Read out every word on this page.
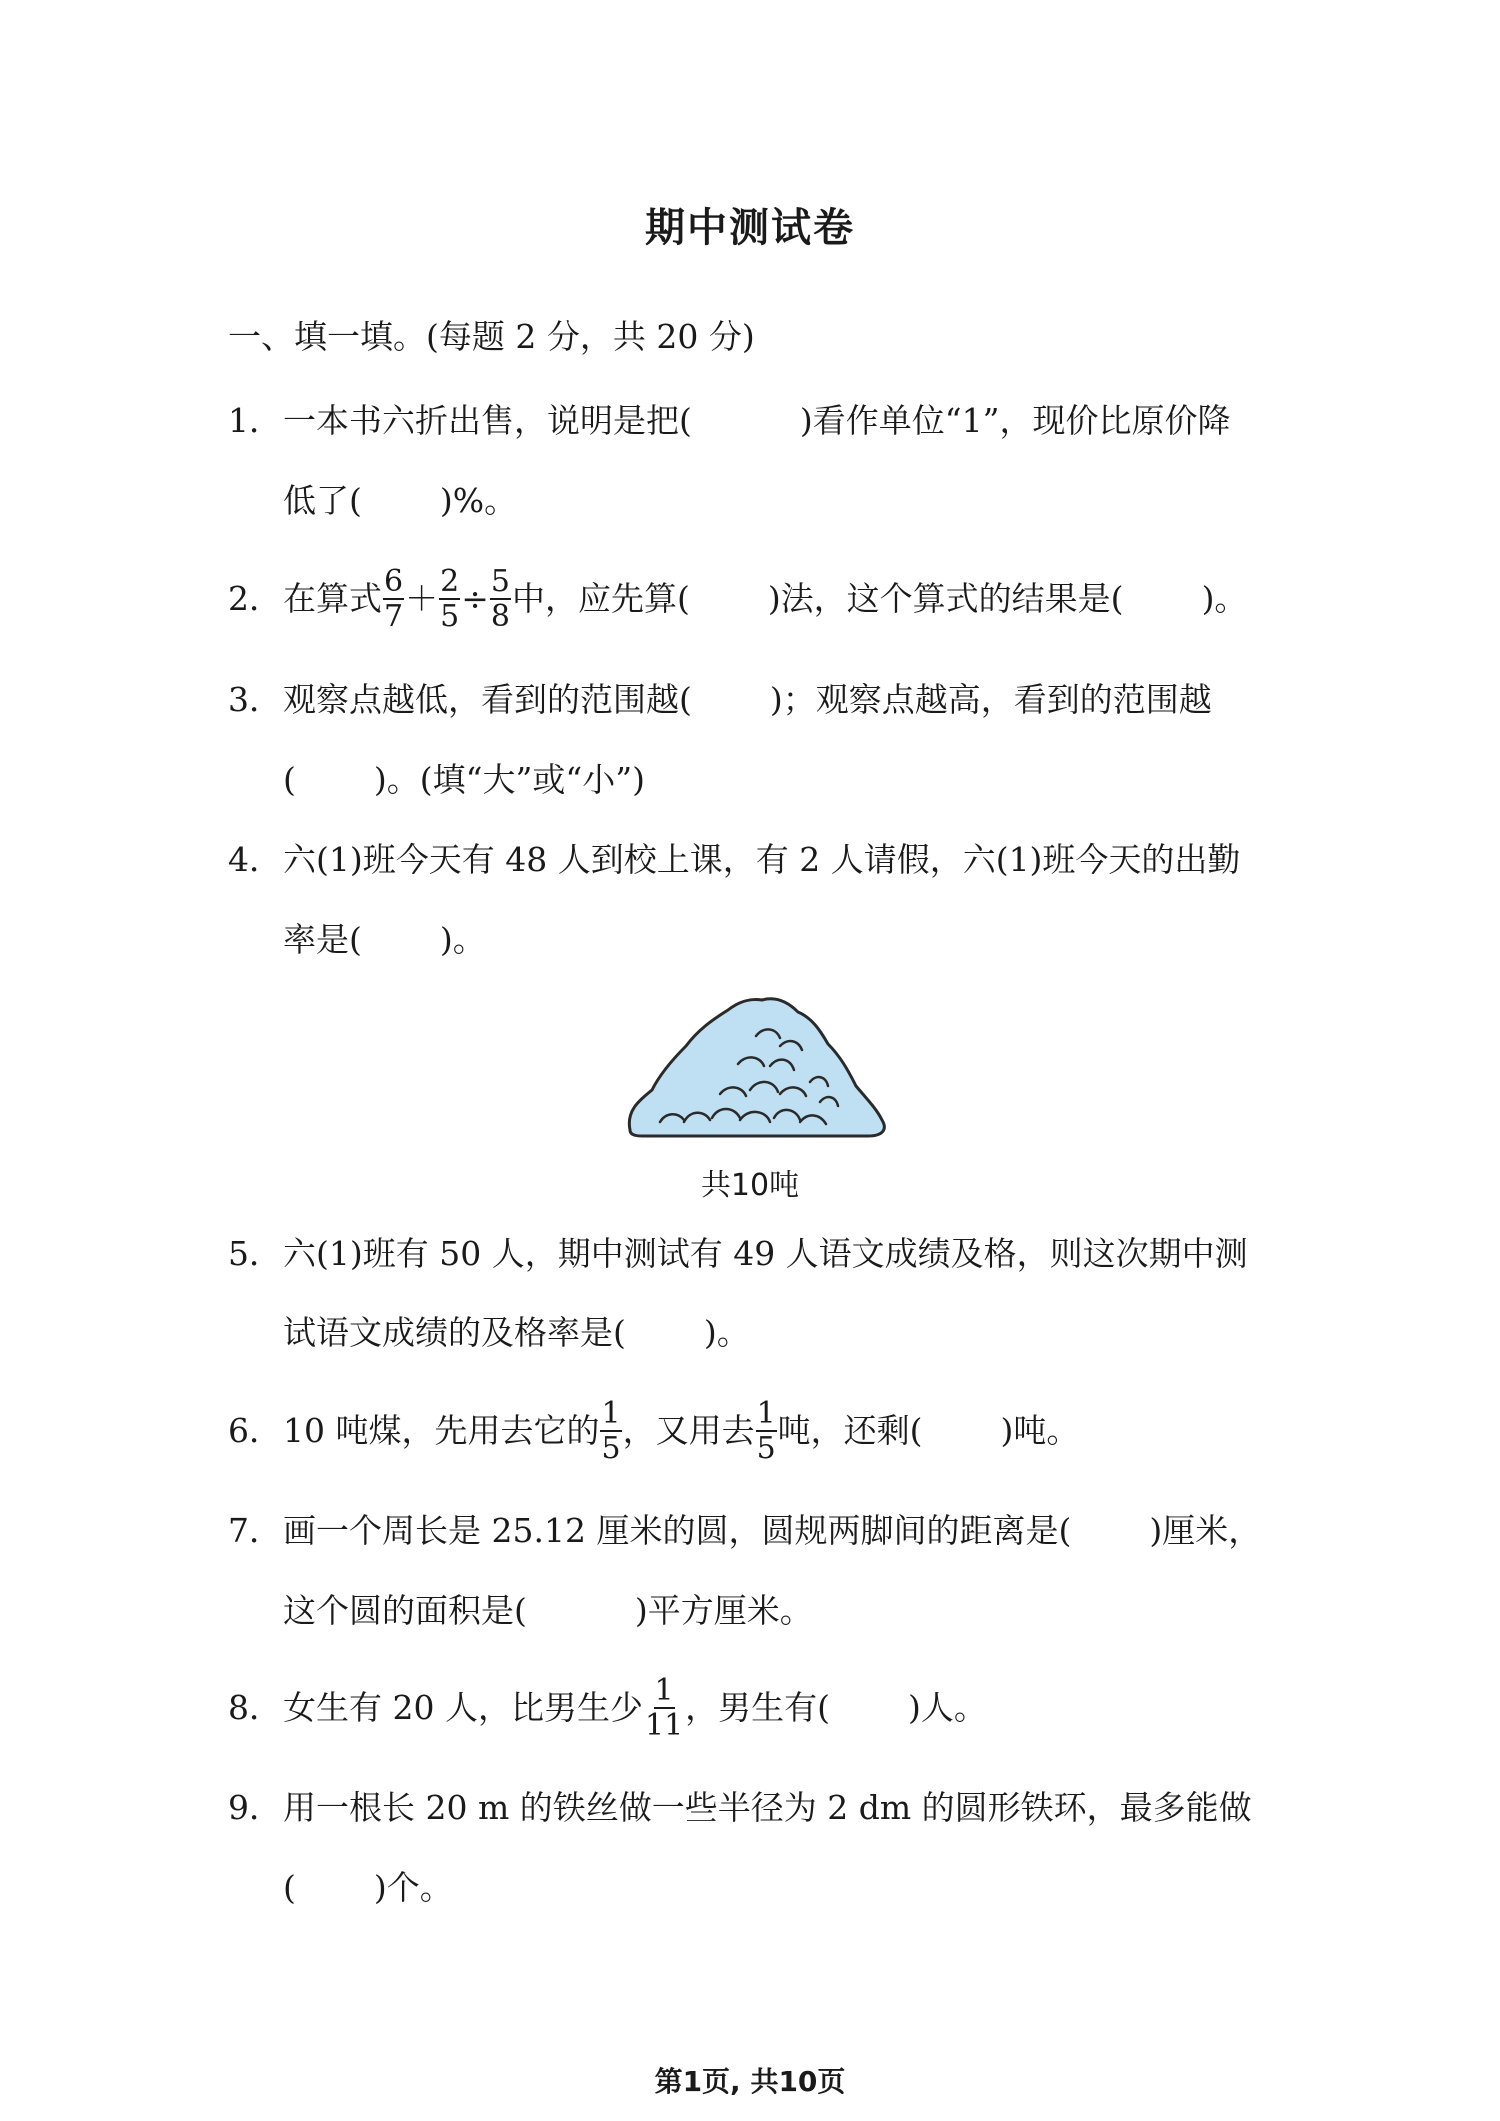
期中测试卷
一、填一填。(每题 2 分，共 20 分)
1． 一本书六折出售，说明是把(	)看作单位“1”，现价比原价降
低了( )%。
2． 在算式 $\frac{6}{7} + \frac{2}{5} \div \frac{5}{8}$ 中，应先算( )法，这个算式的结果是( )。
3． 观察点越低，看到的范围越( )；观察点越高，看到的范围越
( )。(填“大”或“小”)
4． 六(1)班今天有 48 人到校上课，有 2 人请假，六(1)班今天的出勤
率是( )。
共10吨
5． 六(1)班有 50 人，期中测试有 49 人语文成绩及格，则这次期中测
试语文成绩的及格率是( )。
6． 10 吨煤，先用去它的 $\frac{1}{5}$ ，又用去 $\frac{1}{5}$ 吨，还剩( )吨。
7． 画一个周长是 25.12 厘米的圆，圆规两脚间的距离是( )厘米，
这个圆的面积是(	)平方厘米。
8． 女生有 20 人，比男生少 $\frac{1}{11}$ ，男生有( )人。
9． 用一根长 20 m 的铁丝做一些半径为 2 dm 的圆形铁环，最多能做
( )个。
第1页, 共10页
